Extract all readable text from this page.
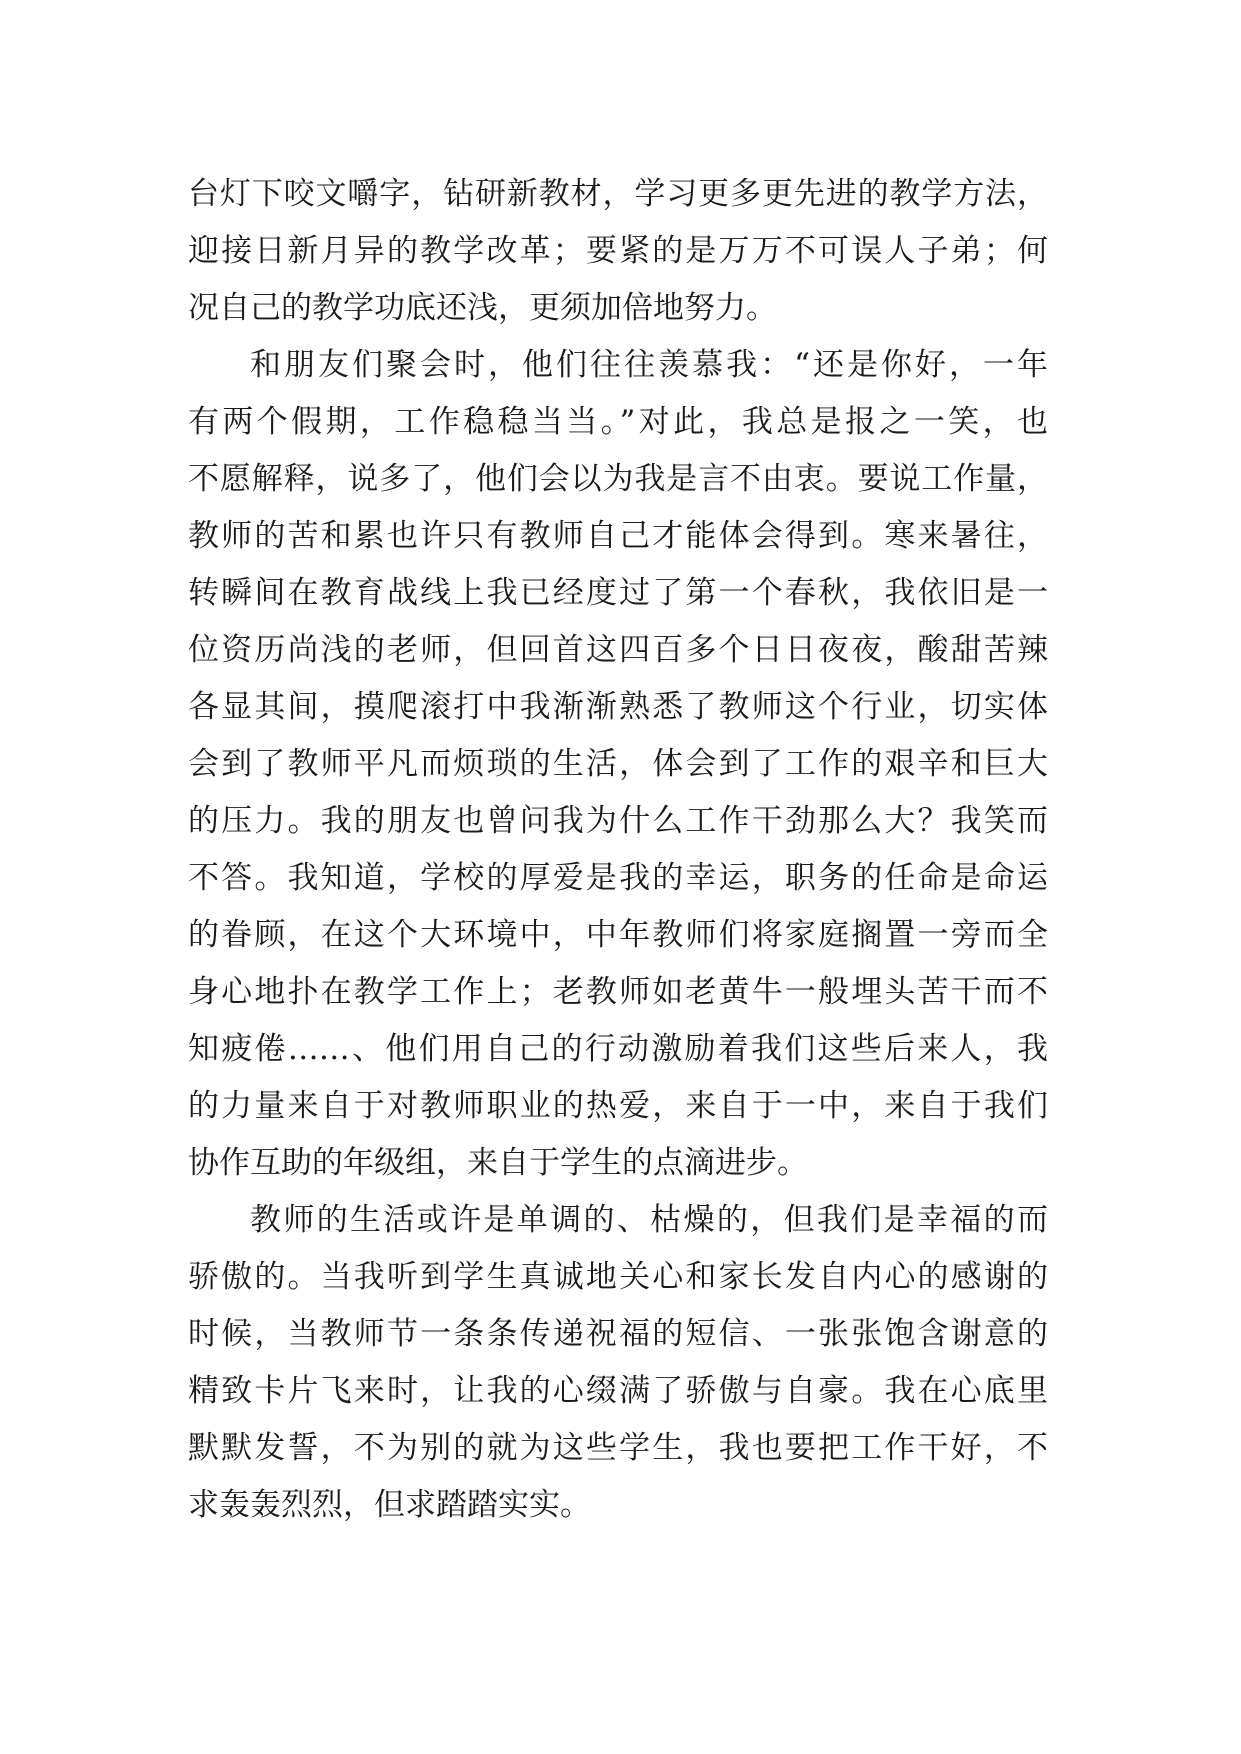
台灯下咬文嚼字，钻研新教材，学习更多更先进的教学方法，
迎接日新月异的教学改革；要紧的是万万不可误人子弟；何
况自己的教学功底还浅，更须加倍地努力。
和朋友们聚会时，他们往往羡慕我：“还是你好，一年
有两个假期，工作稳稳当当。”对此，我总是报之一笑，也
不愿解释，说多了，他们会以为我是言不由衷。要说工作量，
教师的苦和累也许只有教师自己才能体会得到。寒来暑往，
转瞬间在教育战线上我已经度过了第一个春秋，我依旧是一
位资历尚浅的老师，但回首这四百多个日日夜夜，酸甜苦辣
各显其间，摸爬滚打中我渐渐熟悉了教师这个行业，切实体
会到了教师平凡而烦琐的生活，体会到了工作的艰辛和巨大
的压力。我的朋友也曾问我为什么工作干劲那么大？我笑而
不答。我知道，学校的厚爱是我的幸运，职务的任命是命运
的眷顾，在这个大环境中，中年教师们将家庭搁置一旁而全
身心地扑在教学工作上；老教师如老黄牛一般埋头苦干而不
知疲倦……、他们用自己的行动激励着我们这些后来人，我
的力量来自于对教师职业的热爱，来自于一中，来自于我们
协作互助的年级组，来自于学生的点滴进步。
教师的生活或许是单调的、枯燥的，但我们是幸福的而
骄傲的。当我听到学生真诚地关心和家长发自内心的感谢的
时候，当教师节一条条传递祝福的短信、一张张饱含谢意的
精致卡片飞来时，让我的心缀满了骄傲与自豪。我在心底里
默默发誓，不为别的就为这些学生，我也要把工作干好，不
求轰轰烈烈，但求踏踏实实。
